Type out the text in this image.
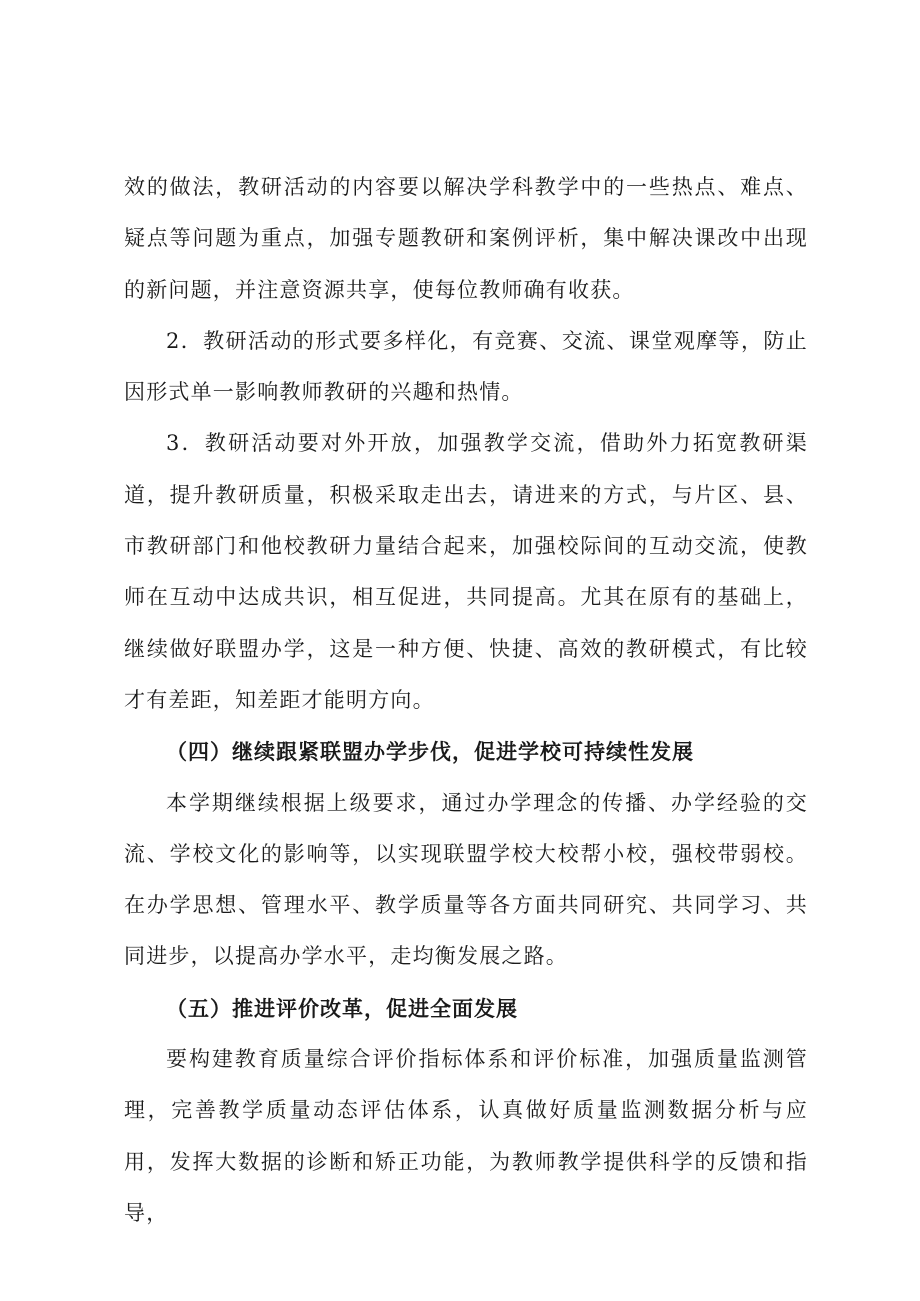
效的做法，教研活动的内容要以解决学科教学中的一些热点、难点、疑点等问题为重点，加强专题教研和案例评析，集中解决课改中出现的新问题，并注意资源共享，使每位教师确有收获。

2．教研活动的形式要多样化，有竞赛、交流、课堂观摩等，防止因形式单一影响教师教研的兴趣和热情。

3．教研活动要对外开放，加强教学交流，借助外力拓宽教研渠道，提升教研质量，积极采取走出去，请进来的方式，与片区、县、市教研部门和他校教研力量结合起来，加强校际间的互动交流，使教师在互动中达成共识，相互促进，共同提高。尤其在原有的基础上，继续做好联盟办学，这是一种方便、快捷、高效的教研模式，有比较才有差距，知差距才能明方向。

（四）继续跟紧联盟办学步伐，促进学校可持续性发展

本学期继续根据上级要求，通过办学理念的传播、办学经验的交流、学校文化的影响等，以实现联盟学校大校帮小校，强校带弱校。在办学思想、管理水平、教学质量等各方面共同研究、共同学习、共同进步，以提高办学水平，走均衡发展之路。

（五）推进评价改革，促进全面发展

要构建教育质量综合评价指标体系和评价标准，加强质量监测管理，完善教学质量动态评估体系，认真做好质量监测数据分析与应用，发挥大数据的诊断和矫正功能，为教师教学提供科学的反馈和指导，
